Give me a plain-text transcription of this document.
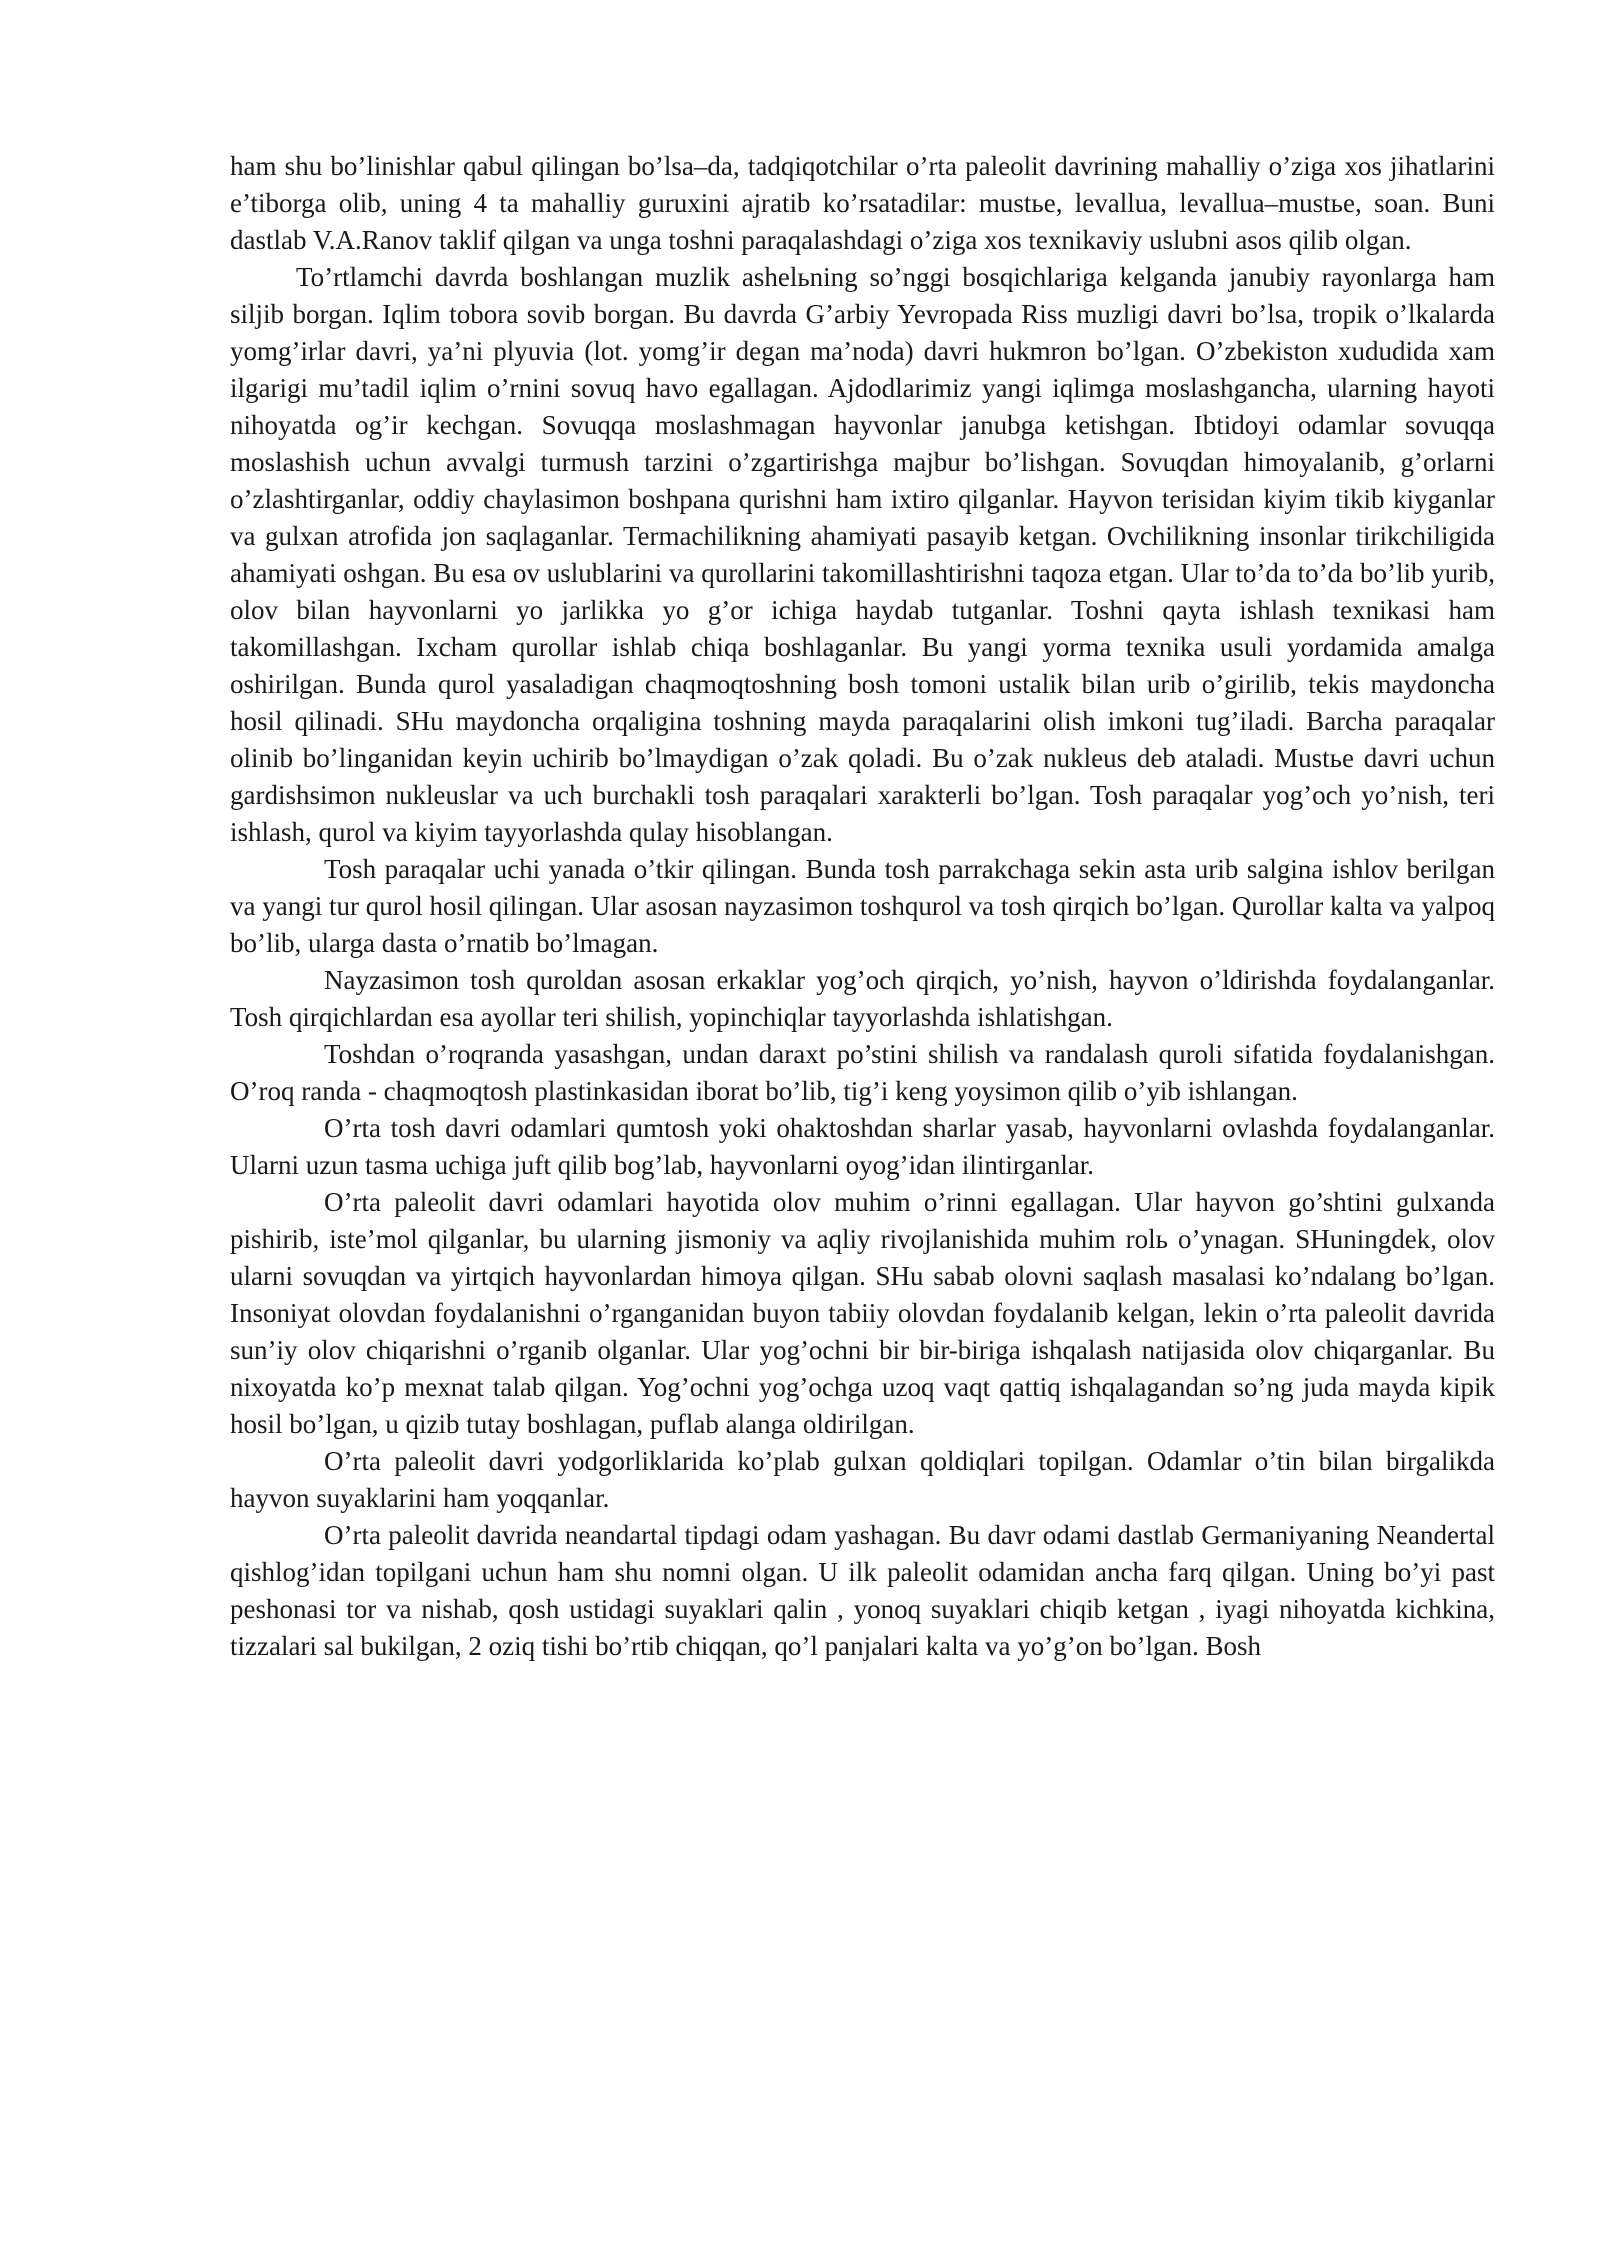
ham shu bo’linishlar qabul qilingan bo’lsa–da, tadqiqotchilar o’rta paleolit davrining mahalliy o’ziga xos jihatlarini e’tiborga olib, uning 4 ta mahalliy guruxini ajratib ko’rsatadilar: mustье, levallua, levallua–mustье, soan. Buni dastlab V.A.Ranov taklif qilgan va unga toshni paraqalashdagi o’ziga xos texnikaviy uslubni asos qilib olgan.

To’rtlamchi davrda boshlangan muzlik ashelьning so’nggi bosqichlariga kelganda janubiy rayonlarga ham siljib borgan. Iqlim tobora sovib borgan. Bu davrda G’arbiy Yevropada Riss muzligi davri bo’lsa, tropik o’lkalarda yomg’irlar davri, ya’ni plyuvia (lot. yomg’ir degan ma’noda) davri hukmron bo’lgan. O’zbekiston xududida xam ilgarigi mu’tadil iqlim o’rnini sovuq havo egallagan. Ajdodlarimiz yangi iqlimga moslashgancha, ularning hayoti nihoyatda og’ir kechgan. Sovuqqa moslashmagan hayvonlar janubga ketishgan. Ibtidoyi odamlar sovuqqa moslashish uchun avvalgi turmush tarzini o’zgartirishga majbur bo’lishgan. Sovuqdan himoyalanib, g’orlarni o’zlashtirganlar, oddiy chaylasimon boshpana qurishni ham ixtiro qilganlar. Hayvon terisidan kiyim tikib kiyganlar va gulxan atrofida jon saqlaganlar. Termachilikning ahamiyati pasayib ketgan. Ovchilikning insonlar tirikchiligida ahamiyati oshgan. Bu esa ov uslublarini va qurollarini takomillashtirishni taqoza etgan. Ular to’da to’da bo’lib yurib, olov bilan hayvonlarni yo jarlikka yo g’or ichiga haydab tutganlar. Toshni qayta ishlash texnikasi ham takomillashgan. Ixcham qurollar ishlab chiqa boshlaganlar. Bu yangi yorma texnika usuli yordamida amalga oshirilgan. Bunda qurol yasaladigan chaqmoqtoshning bosh tomoni ustalik bilan urib o’girilib, tekis maydoncha hosil qilinadi. SHu maydoncha orqaligina toshning mayda paraqalarini olish imkoni tug’iladi. Barcha paraqalar olinib bo’linganidan keyin uchirib bo’lmaydigan o’zak qoladi. Bu o’zak nukleus deb ataladi. Mustье davri uchun gardishsimon nukleuslar va uch burchakli tosh paraqalari xarakterli bo’lgan. Tosh paraqalar yog’och yo’nish, teri ishlash, qurol va kiyim tayyorlashda qulay hisoblangan.

Tosh paraqalar uchi yanada o’tkir qilingan. Bunda tosh parrakchaga sekin asta urib salgina ishlov berilgan va yangi tur qurol hosil qilingan. Ular asosan nayzasimon toshqurol va tosh qirqich bo’lgan. Qurollar kalta va yalpoq bo’lib, ularga dasta o’rnatib bo’lmagan.

Nayzasimon tosh quroldan asosan erkaklar yog’och qirqich, yo’nish, hayvon o’ldirishda foydalanganlar. Tosh qirqichlardan esa ayollar teri shilish, yopinchiqlar tayyorlashda ishlatishgan.

Toshdan o’roqranda yasashgan, undan daraxt po’stini shilish va randalash quroli sifatida foydalanishgan. O’roq randa - chaqmoqtosh plastinkasidan iborat bo’lib, tig’i keng yoysimon qilib o’yib ishlangan.

O’rta tosh davri odamlari qumtosh yoki ohaktoshdan sharlar yasab, hayvonlarni ovlashda foydalanganlar. Ularni uzun tasma uchiga juft qilib bog’lab, hayvonlarni oyog’idan ilintirganlar.

O’rta paleolit davri odamlari hayotida olov muhim o’rinni egallagan. Ular hayvon go’shtini gulxanda pishirib, iste’mol qilganlar, bu ularning jismoniy va aqliy rivojlanishida muhim rolь o’ynagan. SHuningdek, olov ularni sovuqdan va yirtqich hayvonlardan himoya qilgan. SHu sabab olovni saqlash masalasi ko’ndalang bo’lgan. Insoniyat olovdan foydalanishni o’rganganidan buyon tabiiy olovdan foydalanib kelgan, lekin o’rta paleolit davrida sun’iy olov chiqarishni o’rganib olganlar. Ular yog’ochni bir bir-biriga ishqalash natijasida olov chiqarganlar. Bu nixoyatda ko’p mexnat talab qilgan. Yog’ochni yog’ochga uzoq vaqt qattiq ishqalagandan so’ng juda mayda kipik hosil bo’lgan, u qizib tutay boshlagan, puflab alanga oldirilgan.

O’rta paleolit davri yodgorliklarida ko’plab gulxan qoldiqlari topilgan. Odamlar o’tin bilan birgalikda hayvon suyaklarini ham yoqqanlar.

O’rta paleolit davrida neandartal tipdagi odam yashagan. Bu davr odami dastlab Germaniyaning Neandertal qishlog’idan topilgani uchun ham shu nomni olgan. U ilk paleolit odamidan ancha farq qilgan. Uning bo’yi past peshonasi tor va nishab, qosh ustidagi suyaklari qalin , yonoq suyaklari chiqib ketgan , iyagi nihoyatda kichkina, tizzalari sal bukilgan, 2 oziq tishi bo’rtib chiqqan, qo’l panjalari kalta va yo’g’on bo’lgan. Bosh
